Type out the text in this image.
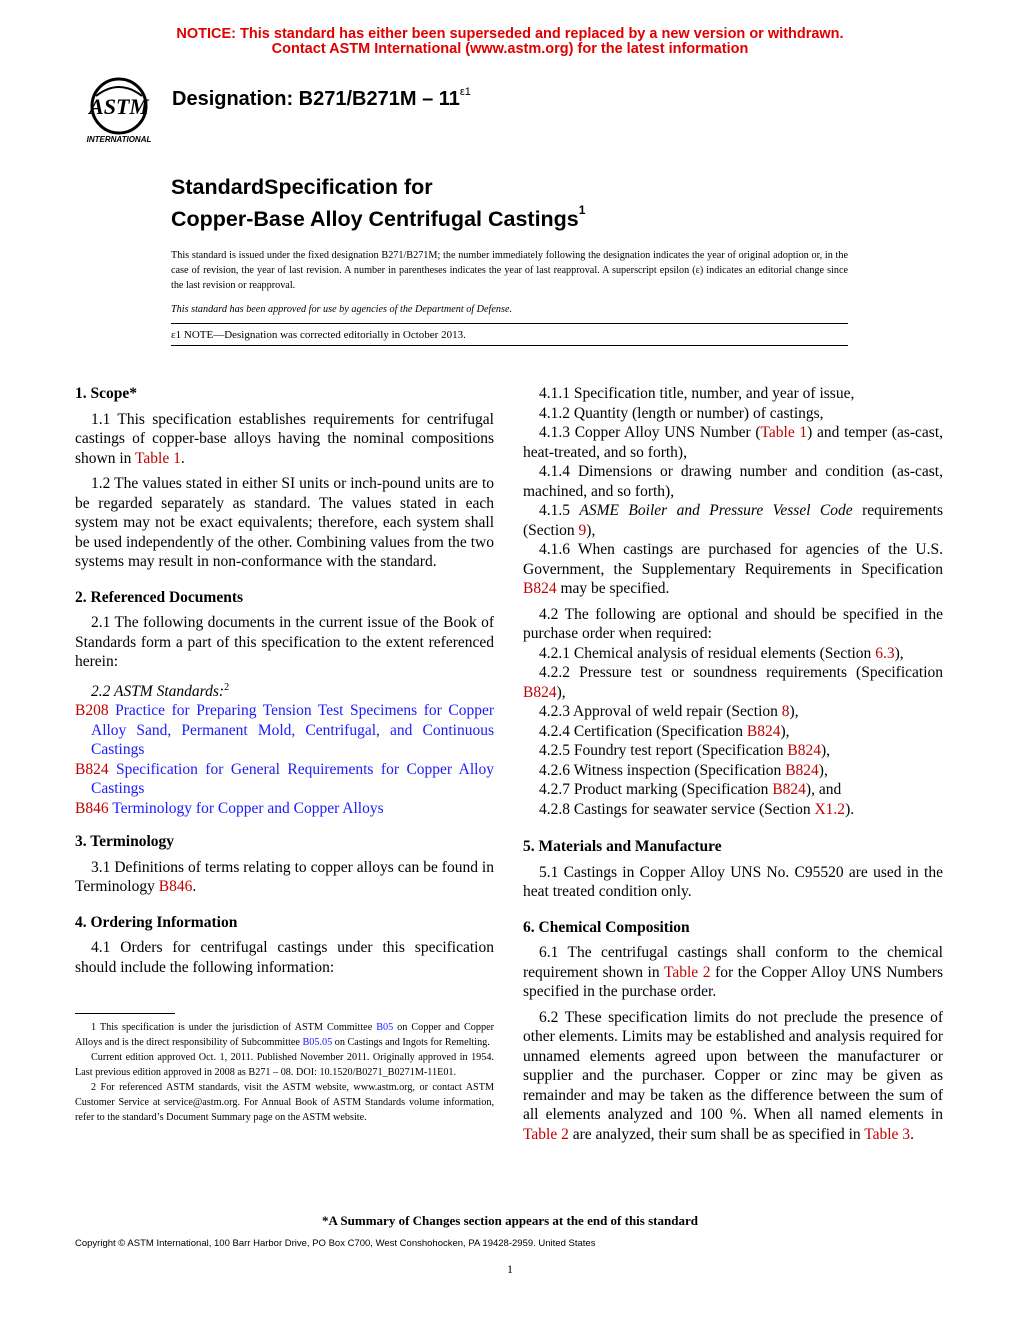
NOTICE: This standard has either been superseded and replaced by a new version or withdrawn.
Contact ASTM International (www.astm.org) for the latest information
ASTM
INTERNATIONAL
Designation: $B271/B271M - 11^{\varepsilon 1}$
StandardSpecification for
Copper-Base Alloy Centrifugal Castings$^1$
This standard is issued under the fixed designation B271/B271M; the number immediately following the designation indicates the year of original adoption or, in the case of revision, the year of last revision. A number in parentheses indicates the year of last reapproval. A superscript epsilon (ε) indicates an editorial change since the last revision or reapproval.
This standard has been approved for use by agencies of the Department of Defense.
ε1 NOTE—Designation was corrected editorially in October 2013.
1. Scope*
1.1 This specification establishes requirements for centrifugal castings of copper-base alloys having the nominal compositions shown in Table 1.
1.2 The values stated in either SI units or inch-pound units are to be regarded separately as standard. The values stated in each system may not be exact equivalents; therefore, each system shall be used independently of the other. Combining values from the two systems may result in non-conformance with the standard.
2. Referenced Documents
2.1 The following documents in the current issue of the Book of Standards form a part of this specification to the extent referenced herein:
2.2 ASTM Standards:$^2$
B208 Practice for Preparing Tension Test Specimens for Copper Alloy Sand, Permanent Mold, Centrifugal, and Continuous Castings
B824 Specification for General Requirements for Copper Alloy Castings
B846 Terminology for Copper and Copper Alloys
3. Terminology
3.1 Definitions of terms relating to copper alloys can be found in Terminology B846.
4. Ordering Information
4.1 Orders for centrifugal castings under this specification should include the following information:
1 This specification is under the jurisdiction of ASTM Committee B05 on Copper and Copper Alloys and is the direct responsibility of Subcommittee B05.05 on Castings and Ingots for Remelting.
Current edition approved Oct. 1, 2011. Published November 2011. Originally approved in 1954. Last previous edition approved in 2008 as B271 – 08. DOI: 10.1520/B0271_B0271M-11E01.
2 For referenced ASTM standards, visit the ASTM website, www.astm.org, or contact ASTM Customer Service at service@astm.org. For Annual Book of ASTM Standards volume information, refer to the standard’s Document Summary page on the ASTM website.
4.1.1 Specification title, number, and year of issue,
4.1.2 Quantity (length or number) of castings,
4.1.3 Copper Alloy UNS Number (Table 1) and temper (as-cast, heat-treated, and so forth),
4.1.4 Dimensions or drawing number and condition (as-cast, machined, and so forth),
4.1.5 ASME Boiler and Pressure Vessel Code requirements (Section 9),
4.1.6 When castings are purchased for agencies of the U.S. Government, the Supplementary Requirements in Specification B824 may be specified.
4.2 The following are optional and should be specified in the purchase order when required:
4.2.1 Chemical analysis of residual elements (Section 6.3),
4.2.2 Pressure test or soundness requirements (Specification B824),
4.2.3 Approval of weld repair (Section 8),
4.2.4 Certification (Specification B824),
4.2.5 Foundry test report (Specification B824),
4.2.6 Witness inspection (Specification B824),
4.2.7 Product marking (Specification B824), and
4.2.8 Castings for seawater service (Section X1.2).
5. Materials and Manufacture
5.1 Castings in Copper Alloy UNS No. C95520 are used in the heat treated condition only.
6. Chemical Composition
6.1 The centrifugal castings shall conform to the chemical requirement shown in Table 2 for the Copper Alloy UNS Numbers specified in the purchase order.
6.2 These specification limits do not preclude the presence of other elements. Limits may be established and analysis required for unnamed elements agreed upon between the manufacturer or supplier and the purchaser. Copper or zinc may be given as remainder and may be taken as the difference between the sum of all elements analyzed and 100 %. When all named elements in Table 2 are analyzed, their sum shall be as specified in Table 3.
*A Summary of Changes section appears at the end of this standard
Copyright © ASTM International, 100 Barr Harbor Drive, PO Box C700, West Conshohocken, PA 19428-2959. United States
1
